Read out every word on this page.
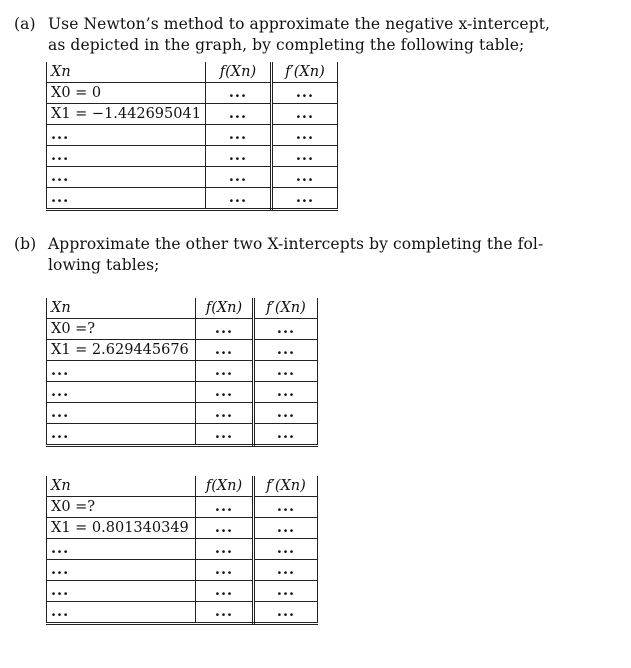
(a) Use Newton’s method to approximate the negative x-intercept,
as depicted in the graph, by completing the following table;
Xn	f(Xn)	f′(Xn)
X0 = 0	...	...
X1 = −1.442695041	...	...
...	...	...
...	...	...
...	...	...
...	...	...
(b) Approximate the other two X-intercepts by completing the fol-
lowing tables;
Xn	f(Xn)	f′(Xn)
X0 =?	...	...
X1 = 2.629445676	...	...
...	...	...
...	...	...
...	...	...
...	...	...
Xn	f(Xn)	f′(Xn)
X0 =?	...	...
X1 = 0.801340349	...	...
...	...	...
...	...	...
...	...	...
...	...	...
